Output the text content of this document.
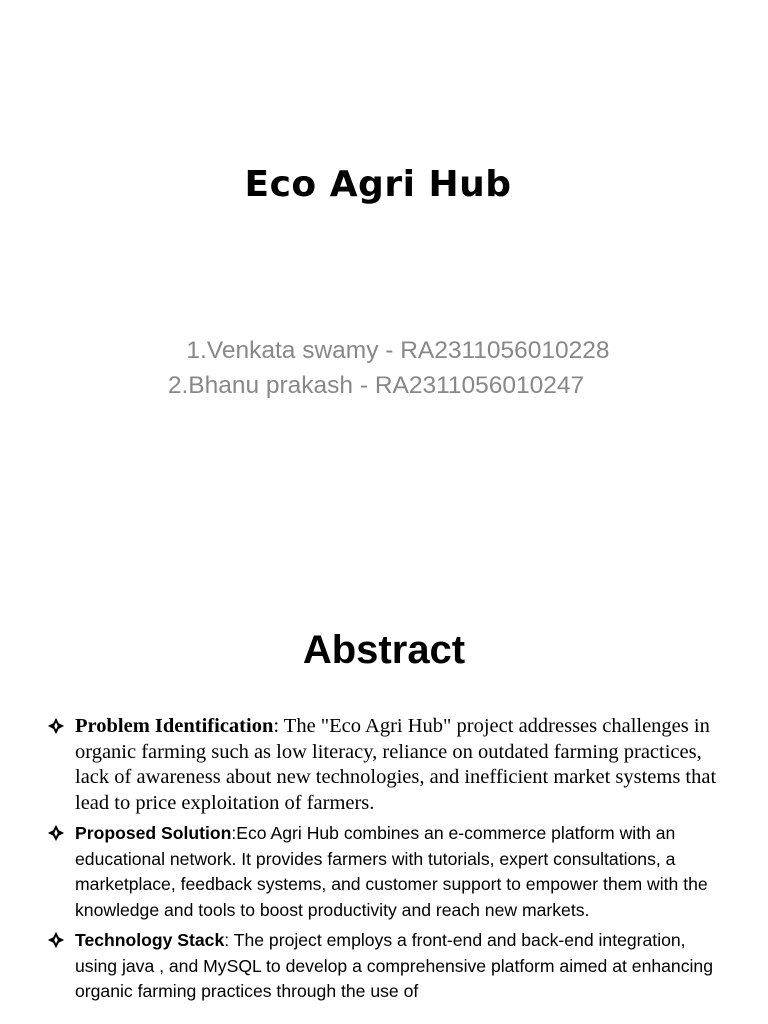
Eco Agri Hub
1.Venkata swamy - RA2311056010228
2.Bhanu prakash - RA2311056010247
Abstract
Problem Identification: The "Eco Agri Hub" project addresses challenges in organic farming such as low literacy, reliance on outdated farming practices, lack of awareness about new technologies, and inefficient market systems that lead to price exploitation of farmers.
Proposed Solution:Eco Agri Hub combines an e-commerce platform with an educational network. It provides farmers with tutorials, expert consultations, a marketplace, feedback systems, and customer support to empower them with the knowledge and tools to boost productivity and reach new markets.
Technology Stack: The project employs a front-end and back-end integration, using java , and MySQL to develop a comprehensive platform aimed at enhancing organic farming practices through the use of
